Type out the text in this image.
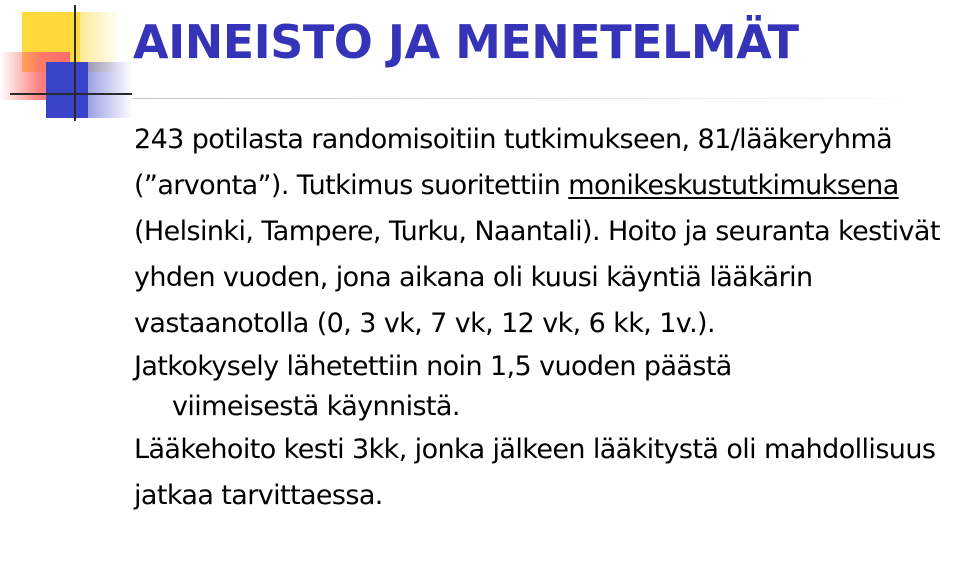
AINEISTO JA MENETELMÄT

243 potilasta randomisoitiin tutkimukseen, 81/lääkeryhmä (”arvonta”). Tutkimus suoritettiin monikeskustutkimuksena (Helsinki, Tampere, Turku, Naantali). Hoito ja seuranta kestivät yhden vuoden, jona aikana oli kuusi käyntiä lääkärin vastaanotolla (0, 3 vk, 7 vk, 12 vk, 6 kk, 1v.).

Jatkokysely lähetettiin noin 1,5 vuoden päästä
viimeisestä käynnistä.

Lääkehoito kesti 3kk, jonka jälkeen lääkitystä oli mahdollisuus jatkaa tarvittaessa.
